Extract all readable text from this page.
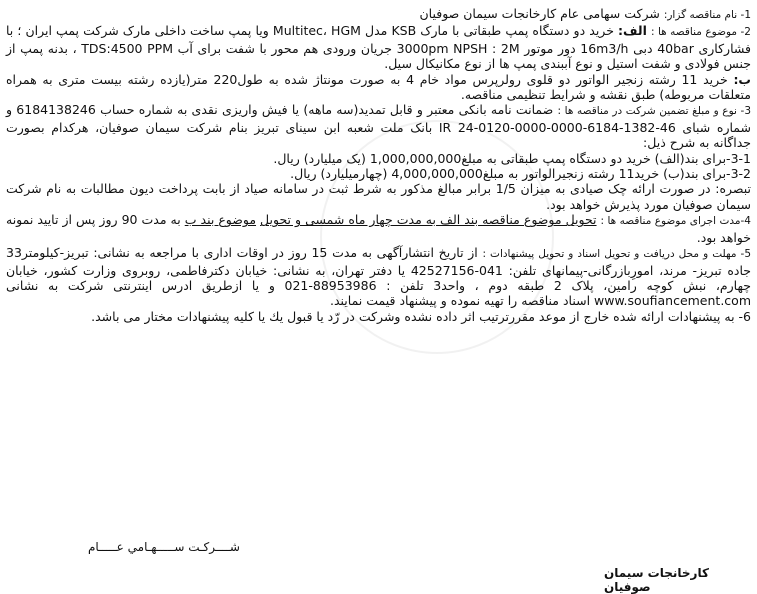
1- نام مناقصه گزار: شرکت سهامی عام کارخانجات سیمان صوفیان

2- موضوع مناقصه ها : الف: خرید دو دستگاه پمپ طبقاتی با مارک KSB مدل Multitec، HGM ویا پمپ ساخت داخلی مارک شرکت پمپ ایران ؛ با فشارکاری 40bar دبی 16m3/h دور موتور 3000pm NPSH : 2M جریان ورودی هم محور با شفت برای آب TDS:4500 PPM ، بدنه پمپ از جنس فولادی و شفت استیل و نوع آببندی پمپ ها از نوع مکانیکال سیل.

ب: خرید 11 رشته زنجیر الواتور دو قلوی رولرپرس مواد خام 4 به صورت مونتاژ شده به طول220 متر(یازده رشته بیست متری به همراه متعلقات مربوطه) طبق نقشه و شرایط تنظیمی مناقصه.

3- نوع و مبلغ تضمین شرکت در مناقصه ها : ضمانت نامه بانکی معتبر و قابل تمدید(سه ماهه) یا فیش واریزی نقدی به شماره حساب 6184138246 و شماره شبای IR 24-0120-0000-0000-6184-1382-46 بانک ملت شعبه ابن سینای تبریز بنام شرکت سیمان صوفیان، هرکدام بصورت جداگانه به شرح ذیل:

3-1-برای بند(الف) خرید دو دستگاه پمپ طبقاتی به مبلغ1,000,000,000 (یک میلیارد) ریال.

3-2-برای بند(ب) خرید11 رشته زنجیرالواتور به مبلغ4,000,000,000 (چهارمیلیارد) ریال.

تبصره: در صورت ارائه چک صیادی به میزان 1/5 برابر مبالغ مذکور به شرط ثبت در سامانه صیاد از بابت پرداخت دیون مطالبات به نام شرکت سیمان صوفیان مورد پذیرش خواهد بود.

4-مدت اجرای موضوع مناقصه ها : تحویل موضوع مناقصه بند الف به مدت چهار ماه شمسی و تحویل موضوع بند ب به مدت 90 روز پس از تایید نمونه خواهد بود.

5- مهلت و محل دریافت و تحویل اسناد و تحویل پیشنهادات : از تاریخ انتشارآگهی به مدت 15 روز در اوقات اداری با مراجعه به نشانی: تبریز-کیلومتر33 جاده تبریز- مرند، امورِبازرگانی-پیمانهای تلفن: 041-42527156 یا دفتر تهران، به نشانی: خیابان دکترفاطمی، روبروی وزارت کشور، خیابان چهارم، نبش کوچه رامین، پلاک 2 طبقه دوم ، واحد3 تلفن : 88953986-021 و یا ازطریق ادرس اینترنتی شرکت به نشانی www.soufiancement.com اسناد مناقصه را تهیه نموده و پیشنهاد قیمت نمایند.

6- به پیشنهادات ارائه شده خارج از موعد مقررترتیب اثر داده نشده وشرکت در رّد یا قبول یك یا کلیه پیشنهادات مختار می باشد.

شــــرکـت ســـــهـامي عـــــام
کارخانجات سیمان صوفیان
